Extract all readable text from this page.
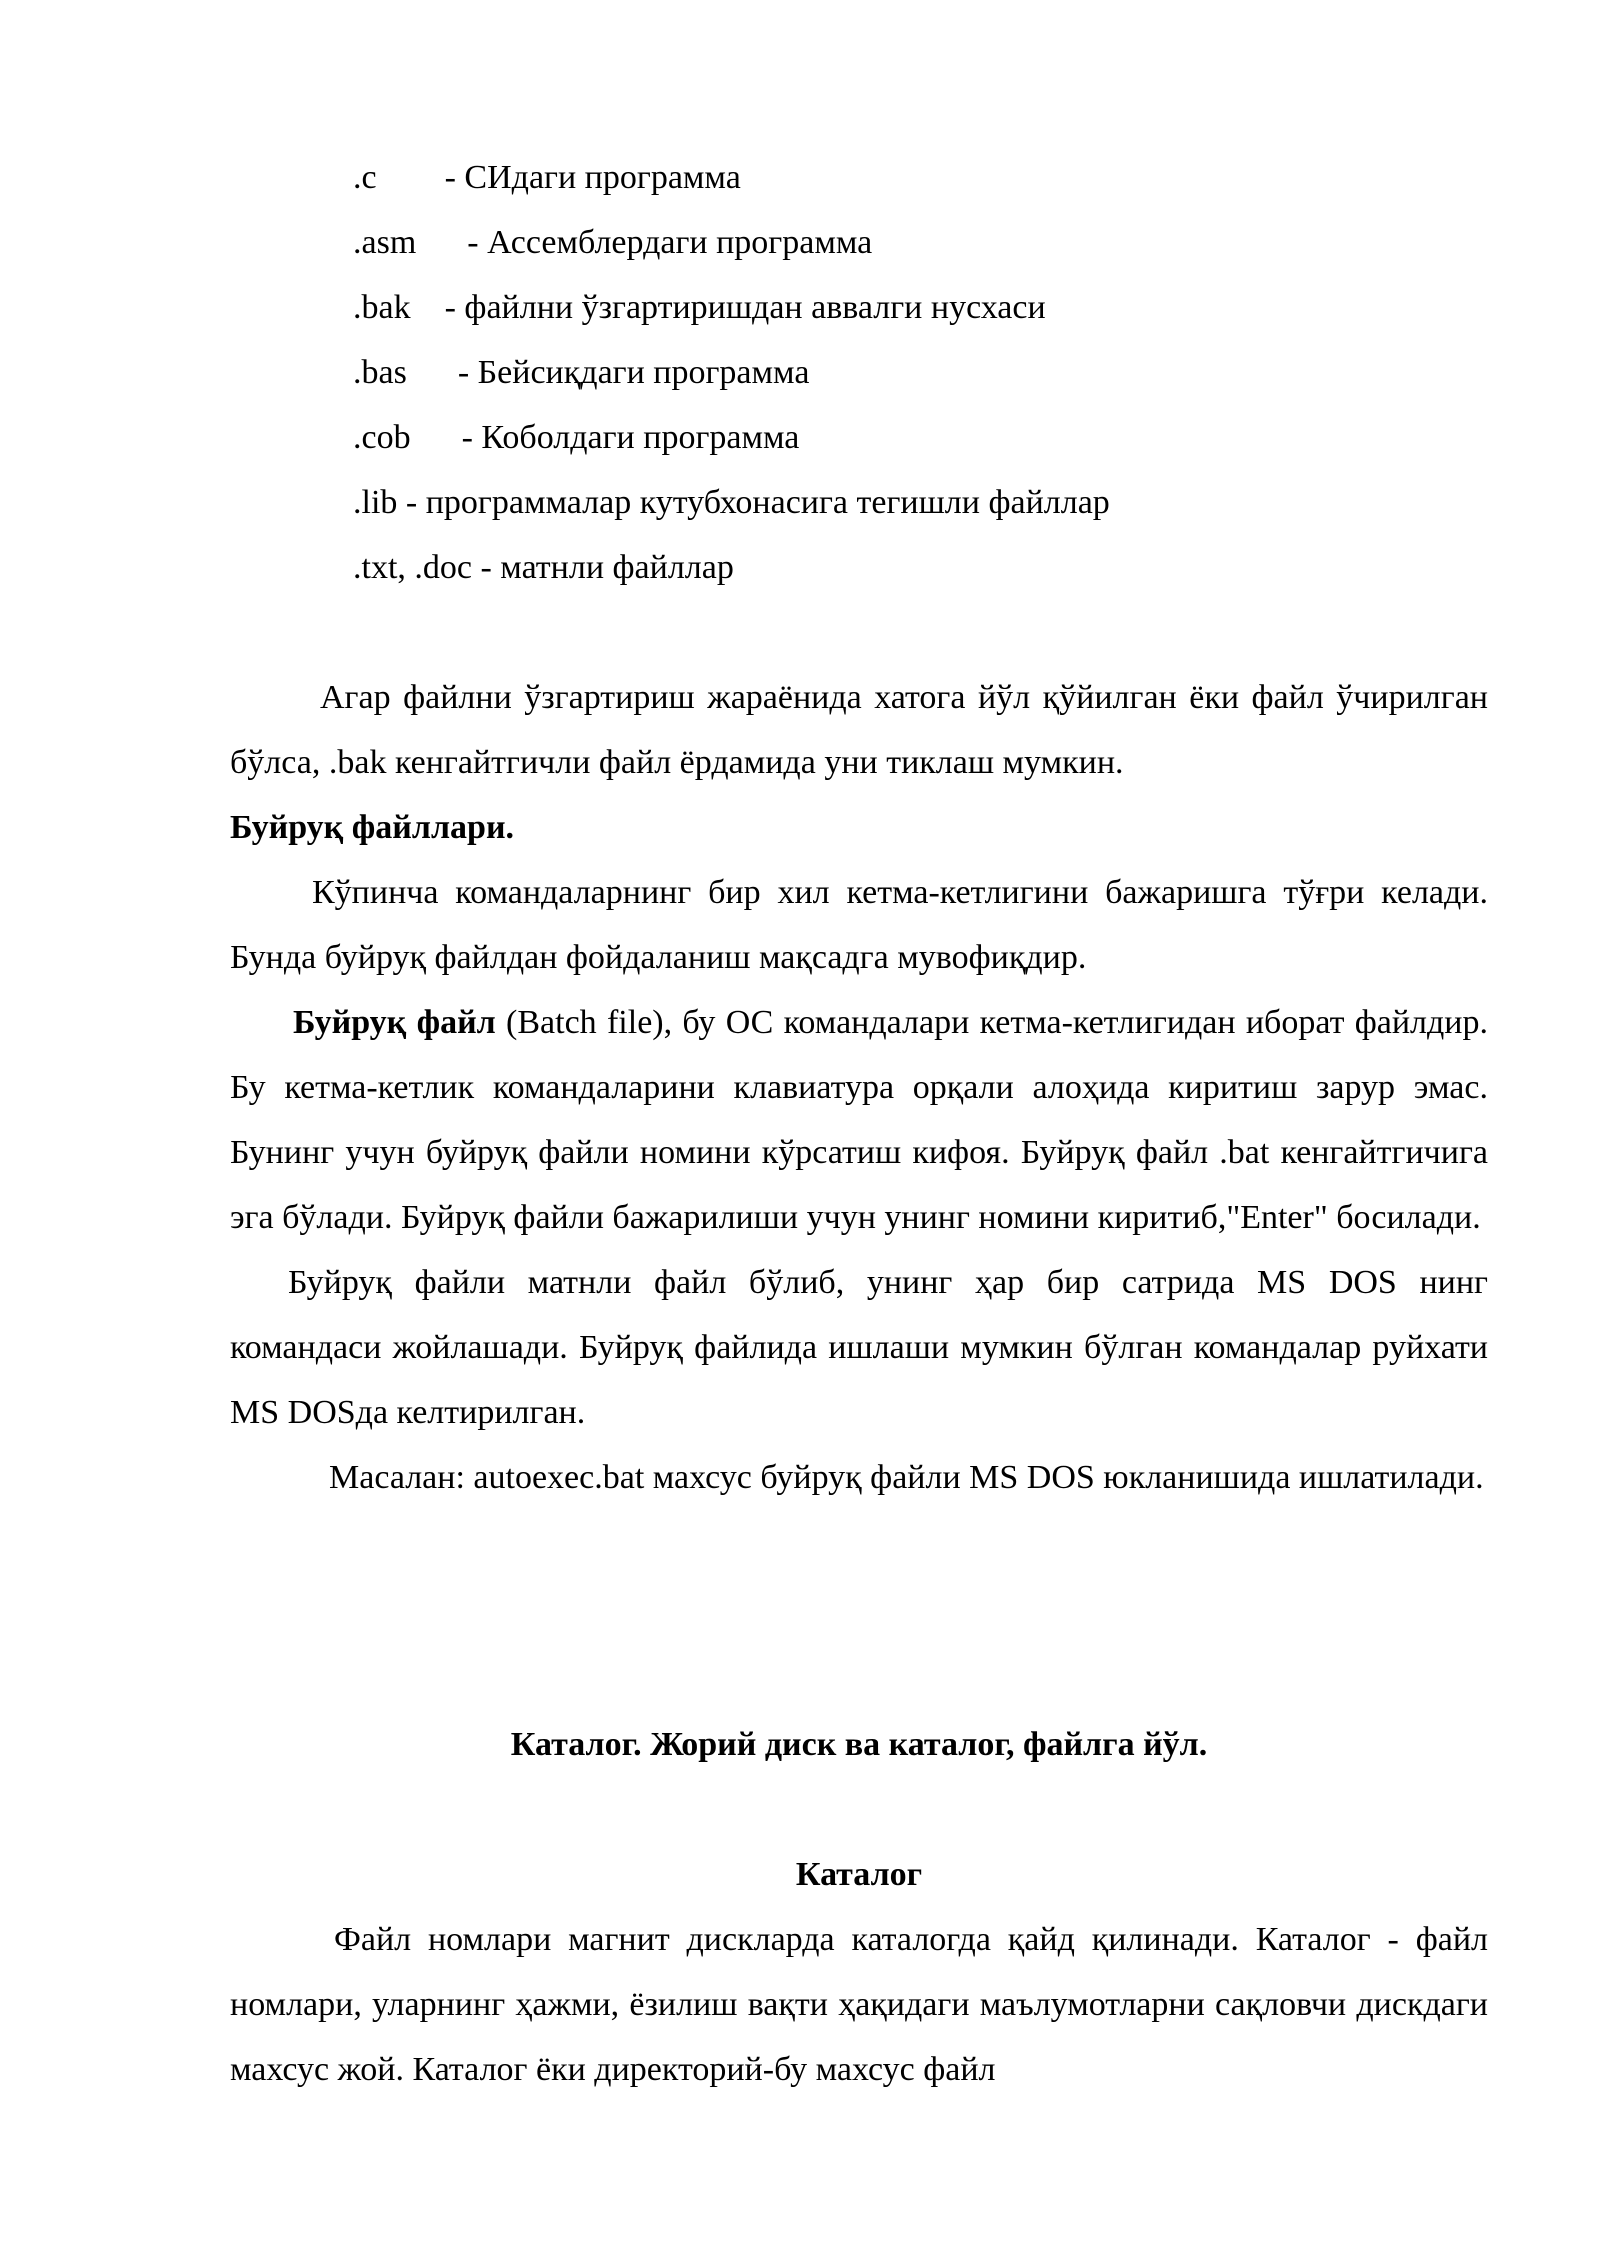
.c - СИдаги программа
.asm - Ассемблердаги программа
.bak - файлни ўзгартиришдан аввалги нусхаси
.bas - Бейсиқдаги программа
.cob - Коболдаги программа
.lib - программалар кутубхонасига тегишли файллар
.txt, .doc - матнли файллар

Агар файлни ўзгартириш жараёнида хатога йўл қўйилган ёки файл ўчирилган бўлса, .bak кенгайтгичли файл ёрдамида уни тиклаш мумкин.

Буйруқ файллари.

Кўпинча командаларнинг бир хил кетма-кетлигини бажаришга тўғри келади. Бунда буйруқ файлдан фойдаланиш мақсадга мувофиқдир.

Буйруқ файл (Batch file), бу ОС командалари кетма-кетлигидан иборат файлдир. Бу кетма-кетлик командаларини клавиатура орқали алоҳида киритиш зарур эмас. Бунинг учун буйруқ файли номини кўрсатиш кифоя. Буйруқ файл .bat кенгайтгичига эга бўлади. Буйруқ файли бажарилиши учун унинг номини киритиб,"Enter" босилади.

Буйруқ файли матнли файл бўлиб, унинг ҳар бир сатрида MS DOS нинг командаси жойлашади. Буйруқ файлида ишлаши мумкин бўлган командалар руйхати MS DOSда келтирилган.

Масалан: autoexec.bat махсус буйруқ файли MS DOS юкланишида ишлатилади.

Каталог. Жорий диск ва каталог, файлга йўл.

Каталог

Файл номлари магнит дискларда каталогда қайд қилинади. Каталог - файл номлари, уларнинг ҳажми, ёзилиш вақти ҳақидаги маълумотларни сақловчи дискдаги махсус жой. Каталог ёки директорий-бу махсус файл
